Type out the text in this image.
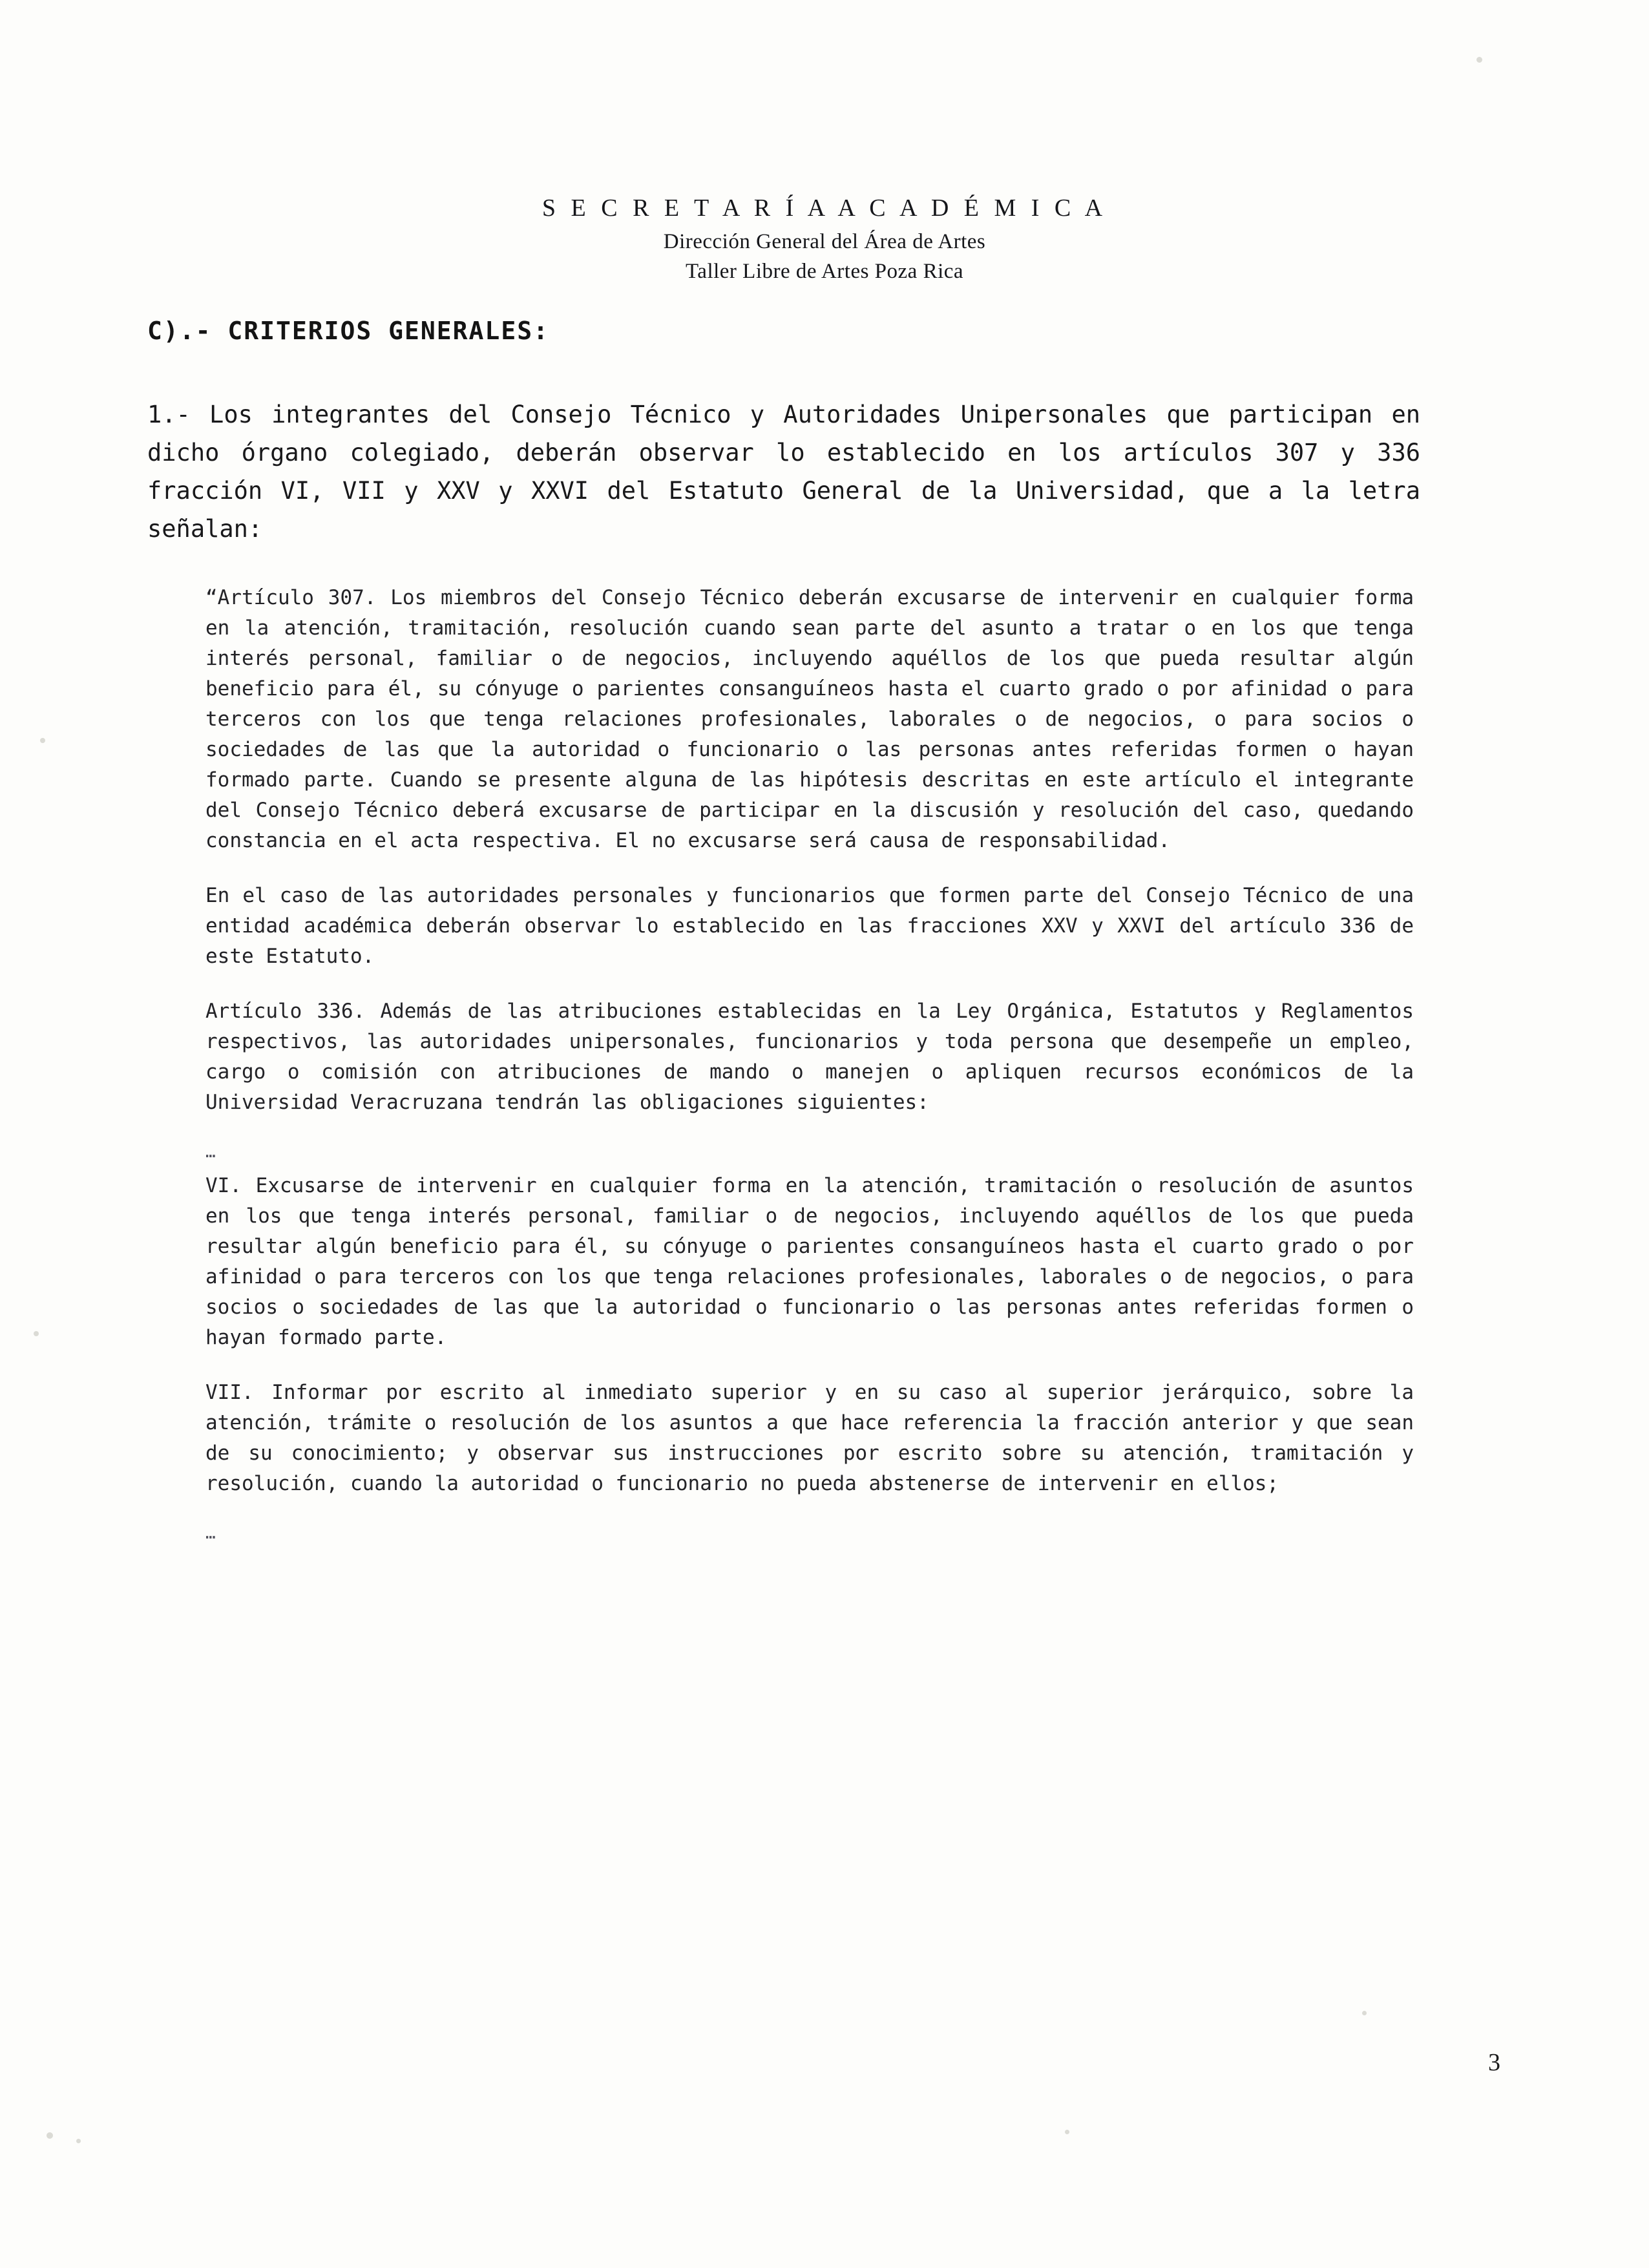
S E C R E T A R Í A A C A D É M I C A
Dirección General del Área de Artes
Taller Libre de Artes Poza Rica
C).- CRITERIOS GENERALES:
1.- Los integrantes del Consejo Técnico y Autoridades Unipersonales que participan en dicho órgano colegiado, deberán observar lo establecido en los artículos 307 y 336 fracción VI, VII y XXV y XXVI del Estatuto General de la Universidad, que a la letra señalan:
“Artículo 307. Los miembros del Consejo Técnico deberán excusarse de intervenir en cualquier forma en la atención, tramitación, resolución cuando sean parte del asunto a tratar o en los que tenga interés personal, familiar o de negocios, incluyendo aquéllos de los que pueda resultar algún beneficio para él, su cónyuge o parientes consanguíneos hasta el cuarto grado o por afinidad o para terceros con los que tenga relaciones profesionales, laborales o de negocios, o para socios o sociedades de las que la autoridad o funcionario o las personas antes referidas formen o hayan formado parte. Cuando se presente alguna de las hipótesis descritas en este artículo el integrante del Consejo Técnico deberá excusarse de participar en la discusión y resolución del caso, quedando constancia en el acta respectiva. El no excusarse será causa de responsabilidad.
En el caso de las autoridades personales y funcionarios que formen parte del Consejo Técnico de una entidad académica deberán observar lo establecido en las fracciones XXV y XXVI del artículo 336 de este Estatuto.
Artículo 336. Además de las atribuciones establecidas en la Ley Orgánica, Estatutos y Reglamentos respectivos, las autoridades unipersonales, funcionarios y toda persona que desempeñe un empleo, cargo o comisión con atribuciones de mando o manejen o apliquen recursos económicos de la Universidad Veracruzana tendrán las obligaciones siguientes:
…
VI. Excusarse de intervenir en cualquier forma en la atención, tramitación o resolución de asuntos en los que tenga interés personal, familiar o de negocios, incluyendo aquéllos de los que pueda resultar algún beneficio para él, su cónyuge o parientes consanguíneos hasta el cuarto grado o por afinidad o para terceros con los que tenga relaciones profesionales, laborales o de negocios, o para socios o sociedades de las que la autoridad o funcionario o las personas antes referidas formen o hayan formado parte.
VII. Informar por escrito al inmediato superior y en su caso al superior jerárquico, sobre la atención, trámite o resolución de los asuntos a que hace referencia la fracción anterior y que sean de su conocimiento; y observar sus instrucciones por escrito sobre su atención, tramitación y resolución, cuando la autoridad o funcionario no pueda abstenerse de intervenir en ellos;
…
3
